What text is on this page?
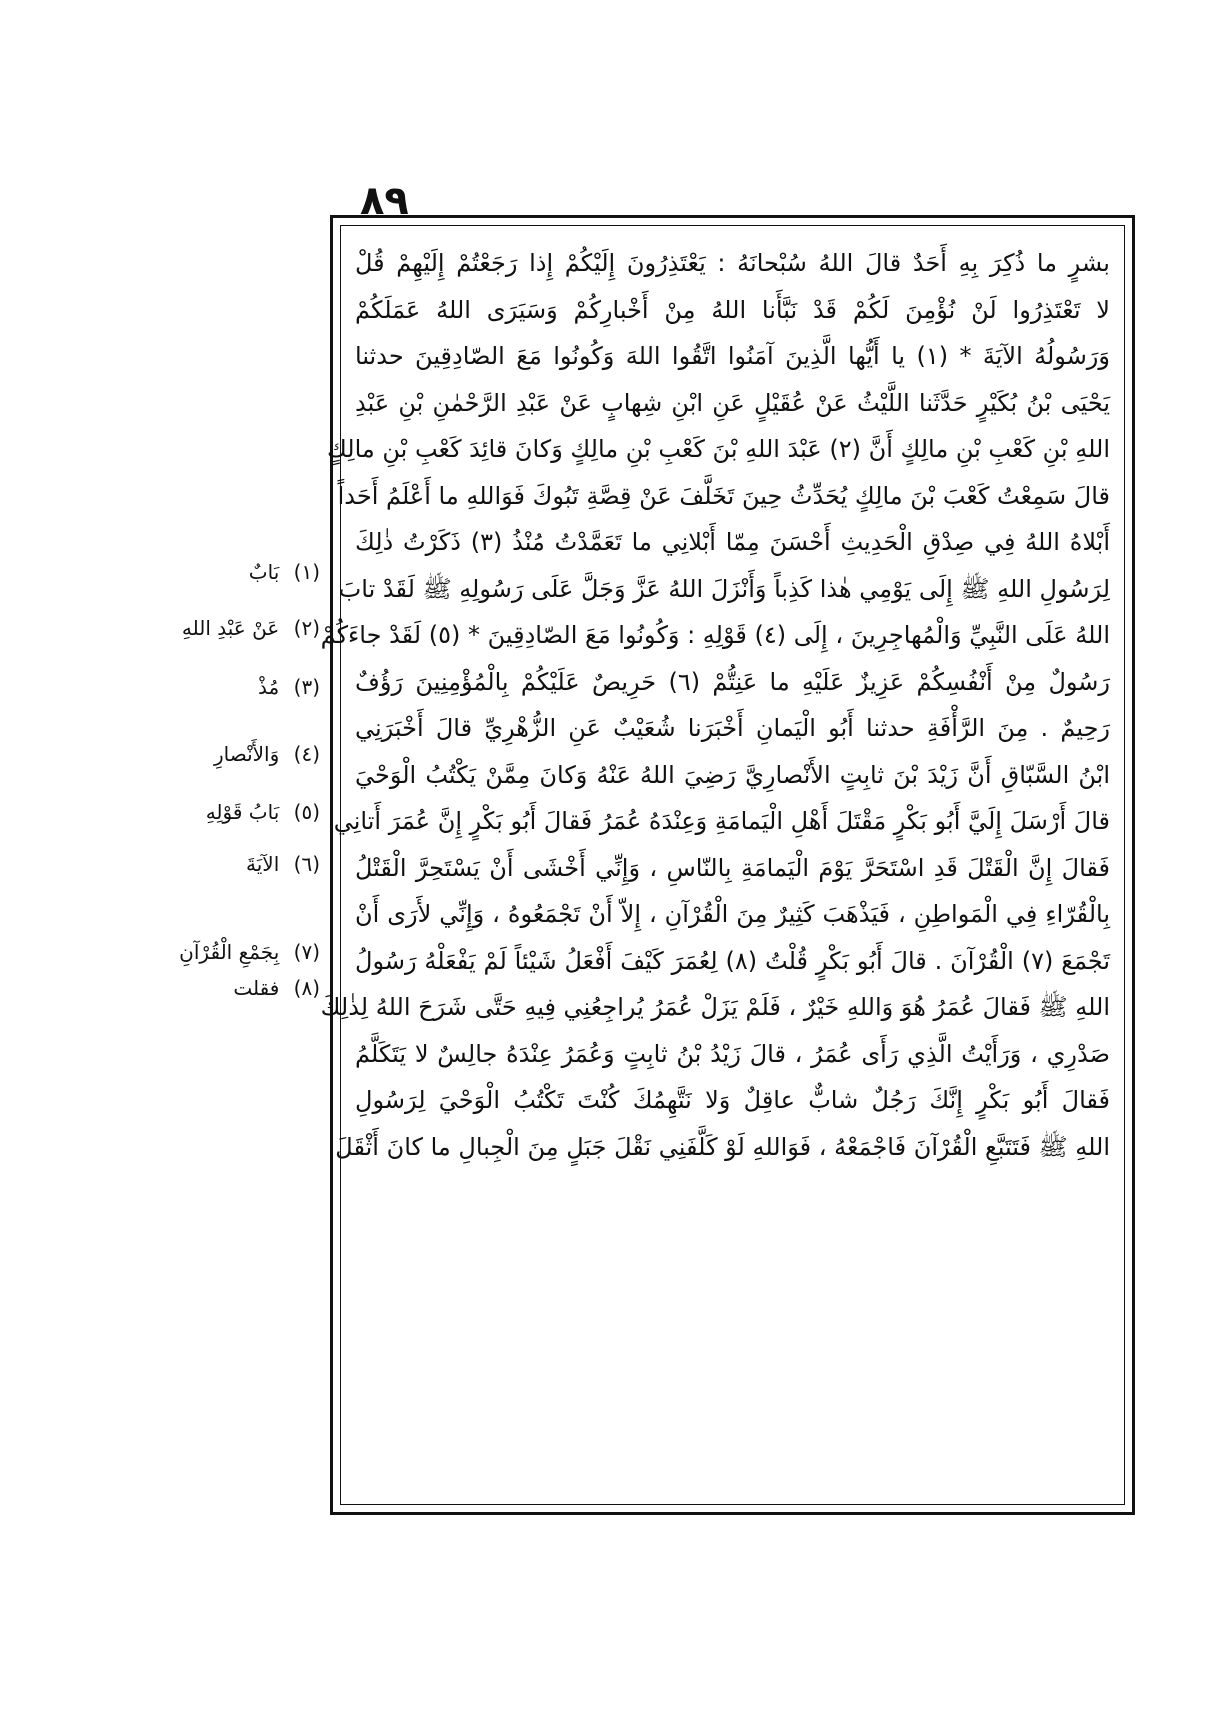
٨٩
بشرٍ ما ذُكِرَ بِهِ أَحَدٌ قالَ اللهُ سُبْحانَهُ : يَعْتَذِرُونَ إِلَيْكُمْ إِذا رَجَعْتُمْ إِلَيْهِمْ قُلْ
لا تَعْتَذِرُوا لَنْ نُؤْمِنَ لَكُمْ قَدْ نَبَّأَنا اللهُ مِنْ أَخْبارِكُمْ وَسَيَرَى اللهُ عَمَلَكُمْ
وَرَسُولُهُ الآيَةَ * (١) يا أَيُّها الَّذِينَ آمَنُوا اتَّقُوا اللهَ وَكُونُوا مَعَ الصّادِقِينَ حدثنا
يَحْيَى بْنُ بُكَيْرٍ حَدَّثَنا اللَّيْثُ عَنْ عُقَيْلٍ عَنِ ابْنِ شِهابٍ عَنْ عَبْدِ الرَّحْمٰنِ بْنِ عَبْدِ
اللهِ بْنِ كَعْبِ بْنِ مالِكٍ أَنَّ (٢) عَبْدَ اللهِ بْنَ كَعْبِ بْنِ مالِكٍ وَكانَ قائِدَ كَعْبِ بْنِ مالِكٍ
قالَ سَمِعْتُ كَعْبَ بْنَ مالِكٍ يُحَدِّثُ حِينَ تَخَلَّفَ عَنْ قِصَّةِ تَبُوكَ فَوَاللهِ ما أَعْلَمُ أَحَداً
أَبْلاهُ اللهُ فِي صِدْقِ الْحَدِيثِ أَحْسَنَ مِمّا أَبْلانِي ما تَعَمَّدْتُ مُنْذُ (٣) ذَكَرْتُ ذٰلِكَ
لِرَسُولِ اللهِ ﷺ إِلَى يَوْمِي هٰذا كَذِباً وَأَنْزَلَ اللهُ عَزَّ وَجَلَّ عَلَى رَسُولِهِ ﷺ لَقَدْ تابَ
اللهُ عَلَى النَّبِيِّ وَالْمُهاجِرِينَ ، إِلَى (٤) قَوْلِهِ : وَكُونُوا مَعَ الصّادِقِينَ * (٥) لَقَدْ جاءَكُمْ
رَسُولٌ مِنْ أَنْفُسِكُمْ عَزِيزٌ عَلَيْهِ ما عَنِتُّمْ (٦) حَرِيصٌ عَلَيْكُمْ بِالْمُؤْمِنِينَ رَؤُفٌ
رَحِيمٌ . مِنَ الرَّأْفَةِ حدثنا أَبُو الْيَمانِ أَخْبَرَنا شُعَيْبٌ عَنِ الزُّهْرِيِّ قالَ أَخْبَرَنِي
ابْنُ السَّبّاقِ أَنَّ زَيْدَ بْنَ ثابِتٍ الأَنْصارِيَّ رَضِيَ اللهُ عَنْهُ وَكانَ مِمَّنْ يَكْتُبُ الْوَحْيَ
قالَ أَرْسَلَ إِلَيَّ أَبُو بَكْرٍ مَقْتَلَ أَهْلِ الْيَمامَةِ وَعِنْدَهُ عُمَرُ فَقالَ أَبُو بَكْرٍ إِنَّ عُمَرَ أَتانِي
فَقالَ إِنَّ الْقَتْلَ قَدِ اسْتَحَرَّ يَوْمَ الْيَمامَةِ بِالنّاسِ ، وَإِنِّي أَخْشَى أَنْ يَسْتَحِرَّ الْقَتْلُ
بِالْقُرّاءِ فِي الْمَواطِنِ ، فَيَذْهَبَ كَثِيرٌ مِنَ الْقُرْآنِ ، إِلاّ أَنْ تَجْمَعُوهُ ، وَإِنِّي لأَرَى أَنْ
تَجْمَعَ (٧) الْقُرْآنَ . قالَ أَبُو بَكْرٍ قُلْتُ (٨) لِعُمَرَ كَيْفَ أَفْعَلُ شَيْئاً لَمْ يَفْعَلْهُ رَسُولُ
اللهِ ﷺ فَقالَ عُمَرُ هُوَ وَاللهِ خَيْرٌ ، فَلَمْ يَزَلْ عُمَرُ يُراجِعُنِي فِيهِ حَتَّى شَرَحَ اللهُ لِذٰلِكَ
صَدْرِي ، وَرَأَيْتُ الَّذِي رَأَى عُمَرُ ، قالَ زَيْدُ بْنُ ثابِتٍ وَعُمَرُ عِنْدَهُ جالِسٌ لا يَتَكَلَّمُ
فَقالَ أَبُو بَكْرٍ إِنَّكَ رَجُلٌ شابٌّ عاقِلٌ وَلا نَتَّهِمُكَ كُنْتَ تَكْتُبُ الْوَحْيَ لِرَسُولِ
اللهِ ﷺ فَتَتَبَّعِ الْقُرْآنَ فَاجْمَعْهُ ، فَوَاللهِ لَوْ كَلَّفَنِي نَقْلَ جَبَلٍ مِنَ الْجِبالِ ما كانَ أَثْقَلَ
(١) بَابٌ
(٢) عَنْ عَبْدِ اللهِ
(٣) مُذْ
(٤) وَالأَنْصارِ
(٥) بَابُ قَوْلِهِ
(٦) الآيَةَ
(٧) بِجَمْعِ الْقُرْآنِ
(٨) فقلت
